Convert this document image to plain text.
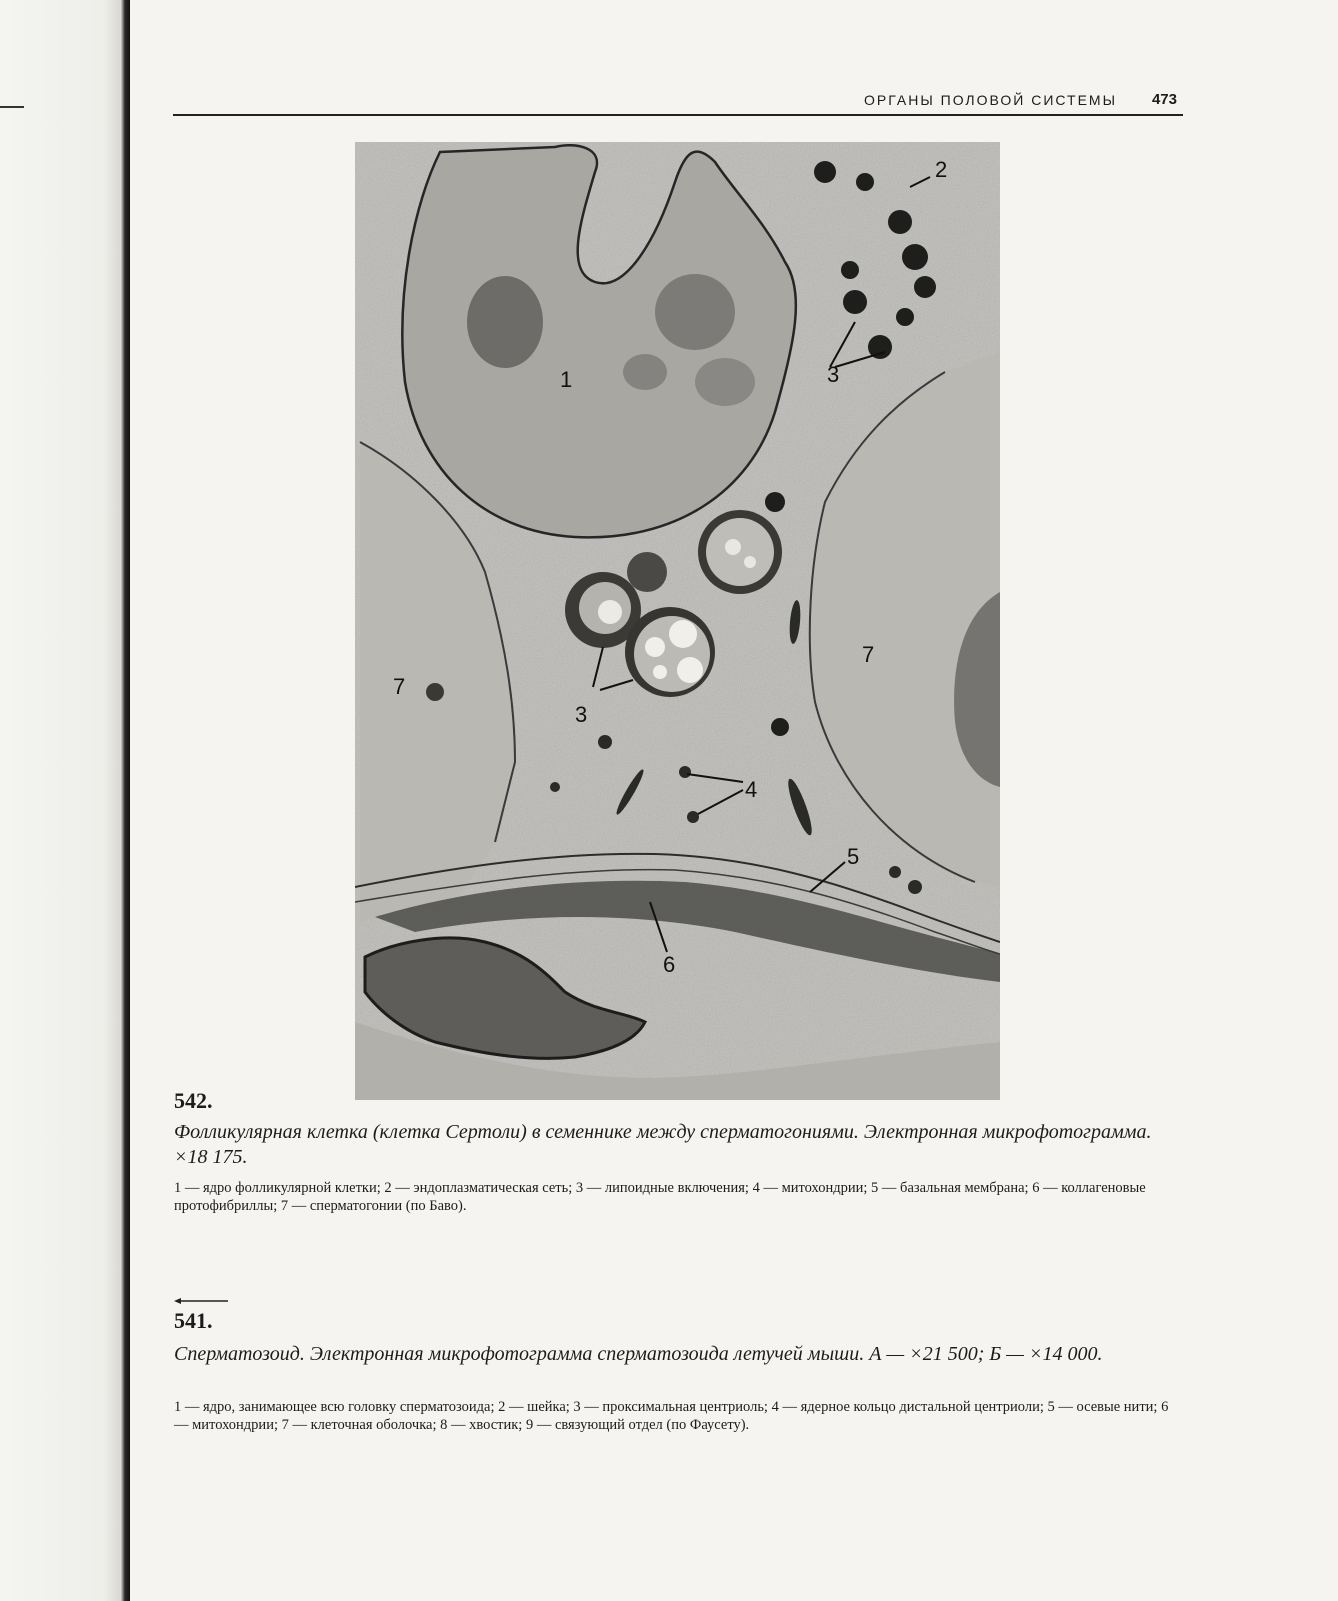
ОРГАНЫ ПОЛОВОЙ СИСТЕМЫ 473
1
2
3
3
4
5
6
7
7
542.
Фолликулярная клетка (клетка Сертоли) в семеннике между сперматогониями. Электронная микрофотограмма. ×18 175.
1 — ядро фолликулярной клетки; 2 — эндоплазматическая сеть; 3 — липоидные включения; 4 — митохондрии; 5 — базальная мембрана; 6 — коллагеновые протофибриллы; 7 — сперматогонии (по Баво).
541.
Сперматозоид. Электронная микрофотограмма сперматозоида летучей мыши. А — ×21 500; Б — ×14 000.
1 — ядро, занимающее всю головку сперматозоида; 2 — шейка; 3 — проксимальная центриоль; 4 — ядерное кольцо дистальной центриоли; 5 — осевые нити; 6 — митохондрии; 7 — клеточная оболочка; 8 — хвостик; 9 — связующий отдел (по Фаусету).
